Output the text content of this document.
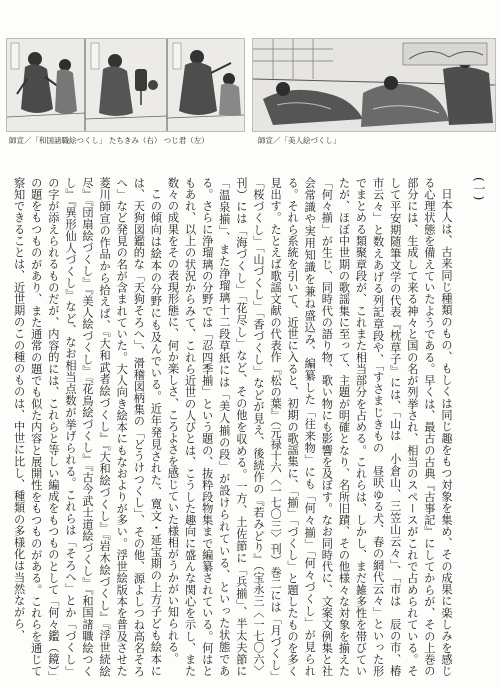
師宣／「和国諸職絵つくし」 たちきみ（右） つじ君（左）	師宣／「美人絵づくし」
(一)

日本人は、古来同じ種類のもの、もしくは同じ趣をもつ対象を集め、その成果に楽しみを感じる心理状態を備えていたようである。早くは、最古の古典『古事記』にしてからが、その上巻の部分には、生成して来る神々と国の名が列挙され、相当のスペースがこれで占められている。そして平安期随筆文学の代表『枕草子』には、「山は　小倉山、三笠山云々」、「市は　辰の市、椿市云々」と数えあげる列記章段や、「すさまじきもの　昼吠ゆる犬、春の網代云々」といった形でまとめる類聚章段が、これまた相当部分を占める。これらは、しかし、まだ雑多性を帯びていたが、ほぼ中世期の歌謡集に至って、主題が明確となり、名所旧蹟、その他様々な対象を揃えた「何々揃」が生じ、同時代の語り物、歌い物にも影響を及ぼす。なお同時代に、文案文例集と社会常識や実用知識を兼ね盛込み、編纂した「往来物」にも「何々揃」「何々づくし」が見られる。それら系統を引いて、近世に入ると、初期の歌謡集に、「揃」「づくし」と題したものを多く見出す。たとえば歌謡文献の代表作『松の葉』（元禄十六〈一七〇三〉刊）巻二には「月づくし」「桜づくし」「山づくし」「香づくし」などが見え、後続作の『若みどり』（宝永三〈一七〇六〉刊）には「海づくし」「花尽し」など、その他を収める。一方、土佐節に「兵揃」、半太夫節に「温泉揃」、また浄瑠璃十二段草紙には「美人揃の段」が設けられている、といった状態である。さらに浄瑠璃の分野では「忍四季揃」という題の、抜粋段物集まで編纂されている。何はともあれ、以上の状況からみて、これら近世の人びとは、こうした趣向に盛んな関心を示し、また数々の成果をその表現形態に、何か楽しさ、ころよさを感じていた様相がうかがい知られる。

この傾向は絵本の分野にも及んでいる。近年発見された、寛文・延宝期の上方子ども絵本には、天狗図鑑的な「天狗そろへ」、滑稽図柄集の「どうけつくし」、その他、源よしつね高名そろへ」など発見の名が含まれていた。大人向き絵本にもなおよりが多い。浮世絵版本を普及させた菱川師宣の作品から拾えば、『大和武者絵づくし』『大和絵づくし』『岩木絵づくし』『浮世続絵尽』『団扇絵づくし』『美人絵づくし』『花鳥絵づくし』『古今武士道絵づくし』『和国諸職絵つくし』『異形仙人づくし』など、なお相当点数が挙げられる。これらは「そろへ」とか「づくし」の字が添えられるものだが、内容的には、これらと等しい編成をもつものとして「何々鑑（鏡）」の題をもつものがあり、また通常の題でも似た内容と展開性をもつものがある。これらを通じて察知できることは、近世期のこの種のものは、中世に比し、種類の多様化は当然ながら、
